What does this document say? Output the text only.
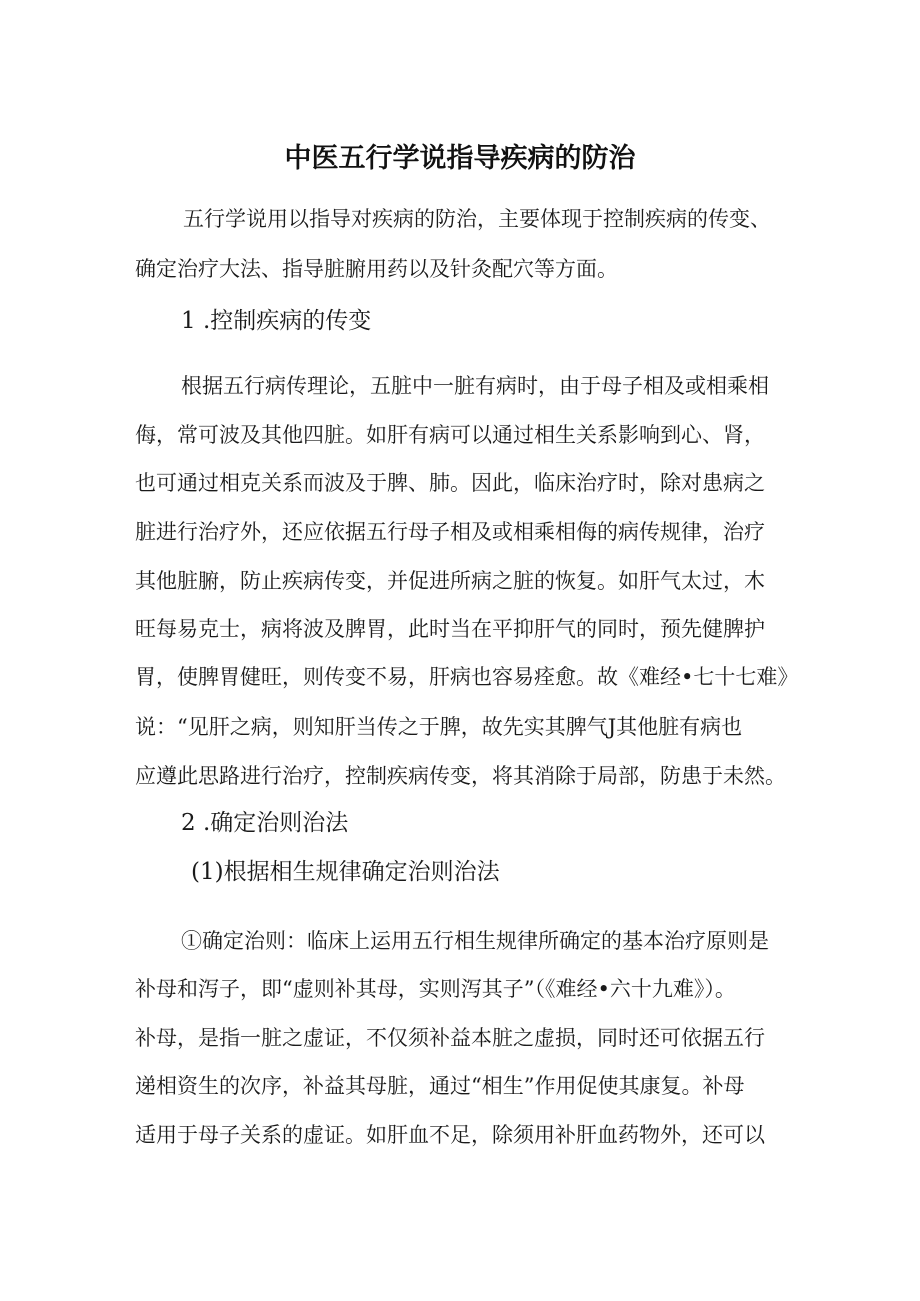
中医五行学说指导疾病的防治

五行学说用以指导对疾病的防治，主要体现于控制疾病的传变、

确定治疗大法、指导脏腑用药以及针灸配穴等方面。

1 .控制疾病的传变

根据五行病传理论，五脏中一脏有病时，由于母子相及或相乘相

侮，常可波及其他四脏。如肝有病可以通过相生关系影响到心、肾，

也可通过相克关系而波及于脾、肺。因此，临床治疗时，除对患病之

脏进行治疗外，还应依据五行母子相及或相乘相侮的病传规律，治疗

其他脏腑，防止疾病传变，并促进所病之脏的恢复。如肝气太过，木

旺每易克士，病将波及脾胃，此时当在平抑肝气的同时，预先健脾护

胃，使脾胃健旺，则传变不易，肝病也容易痊愈。故《难经•七十七难》

说：“见肝之病，则知肝当传之于脾，故先实其脾气J其他脏有病也

应遵此思路进行治疗，控制疾病传变，将其消除于局部，防患于未然。

2 .确定治则治法
(1)根据相生规律确定治则治法

①确定治则：临床上运用五行相生规律所确定的基本治疗原则是

补母和泻子，即“虚则补其母，实则泻其子”（《难经•六十九难》）。

补母，是指一脏之虚证，不仅须补益本脏之虚损，同时还可依据五行

递相资生的次序，补益其母脏，通过“相生”作用促使其康复。补母

适用于母子关系的虚证。如肝血不足，除须用补肝血药物外，还可以
